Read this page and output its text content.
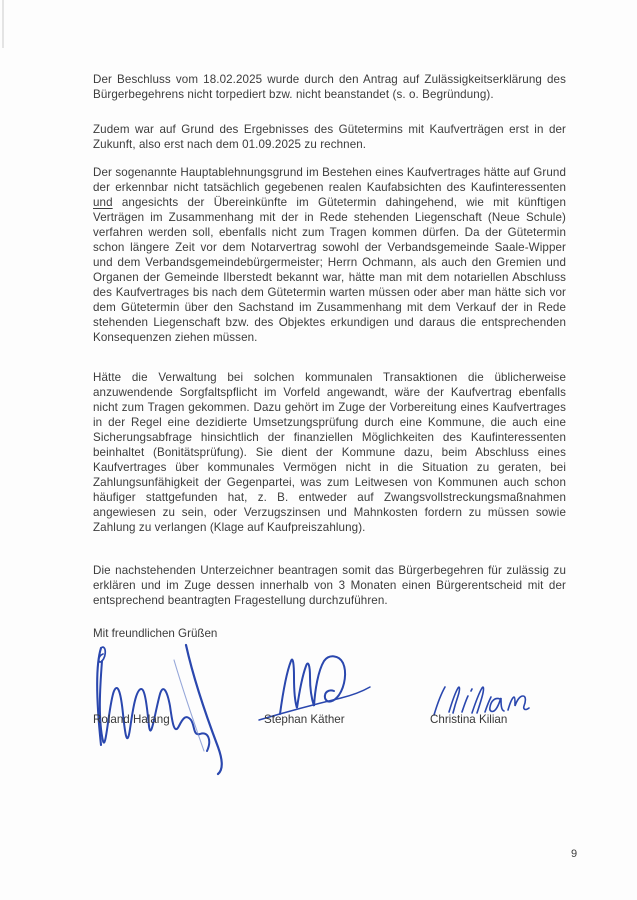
Der Beschluss vom 18.02.2025 wurde durch den Antrag auf Zulässigkeitserklärung des Bürgerbegehrens nicht torpediert bzw. nicht beanstandet (s. o. Begründung).

Zudem war auf Grund des Ergebnisses des Gütetermins mit Kaufverträgen erst in der Zukunft, also erst nach dem 01.09.2025 zu rechnen.

Der sogenannte Hauptablehnungsgrund im Bestehen eines Kaufvertrages hätte auf Grund der erkennbar nicht tatsächlich gegebenen realen Kaufabsichten des Kaufinteressenten und angesichts der Übereinkünfte im Gütetermin dahingehend, wie mit künftigen Verträgen im Zusammenhang mit der in Rede stehenden Liegenschaft (Neue Schule) verfahren werden soll, ebenfalls nicht zum Tragen kommen dürfen. Da der Gütetermin schon längere Zeit vor dem Notarvertrag sowohl der Verbandsgemeinde Saale-Wipper und dem Verbandsgemeindebürgermeister; Herrn Ochmann, als auch den Gremien und Organen der Gemeinde Ilberstedt bekannt war, hätte man mit dem notariellen Abschluss des Kaufvertrages bis nach dem Gütetermin warten müssen oder aber man hätte sich vor dem Gütetermin über den Sachstand im Zusammenhang mit dem Verkauf der in Rede stehenden Liegenschaft bzw. des Objektes erkundigen und daraus die entsprechenden Konsequenzen ziehen müssen.

Hätte die Verwaltung bei solchen kommunalen Transaktionen die üblicherweise anzuwendende Sorgfaltspflicht im Vorfeld angewandt, wäre der Kaufvertrag ebenfalls nicht zum Tragen gekommen. Dazu gehört im Zuge der Vorbereitung eines Kaufvertrages in der Regel eine dezidierte Umsetzungsprüfung durch eine Kommune, die auch eine Sicherungsabfrage hinsichtlich der finanziellen Möglichkeiten des Kaufinteressenten beinhaltet (Bonitätsprüfung). Sie dient der Kommune dazu, beim Abschluss eines Kaufvertrages über kommunales Vermögen nicht in die Situation zu geraten, bei Zahlungsunfähigkeit der Gegenpartei, was zum Leitwesen von Kommunen auch schon häufiger stattgefunden hat, z. B. entweder auf Zwangsvollstreckungsmaßnahmen angewiesen zu sein, oder Verzugszinsen und Mahnkosten fordern zu müssen sowie Zahlung zu verlangen (Klage auf Kaufpreiszahlung).

Die nachstehenden Unterzeichner beantragen somit das Bürgerbegehren für zulässig zu erklären und im Zuge dessen innerhalb von 3 Monaten einen Bürgerentscheid mit der entsprechend beantragten Fragestellung durchzuführen.

Mit freundlichen Grüßen

Roland Halang	Stephan Käther	Christina Kilian
9
